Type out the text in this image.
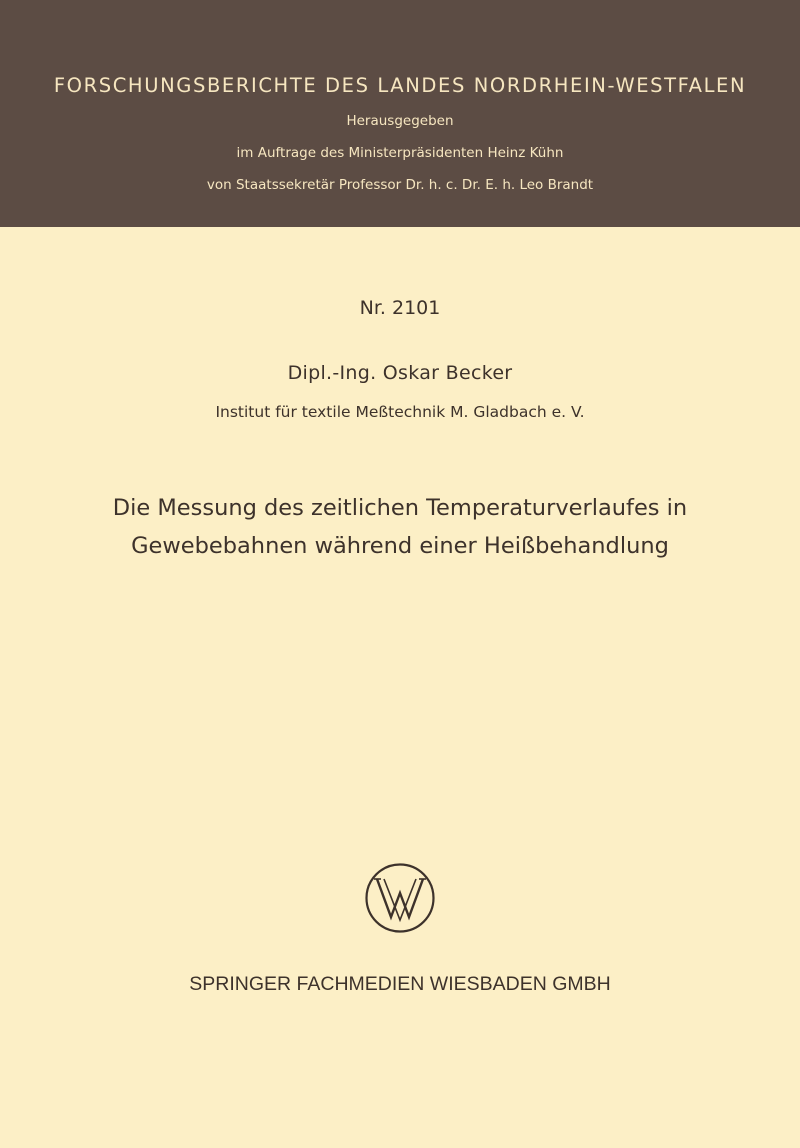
FORSCHUNGSBERICHTE DES LANDES NORDRHEIN-WESTFALEN
Herausgegeben
im Auftrage des Ministerpräsidenten Heinz Kühn
von Staatssekretär Professor Dr. h. c. Dr. E. h. Leo Brandt
Nr. 2101
Dipl.-Ing. Oskar Becker
Institut für textile Meßtechnik M. Gladbach e. V.
Die Messung des zeitlichen Temperaturverlaufes in
Gewebebahnen während einer Heißbehandlung
SPRINGER FACHMEDIEN WIESBADEN GMBH
